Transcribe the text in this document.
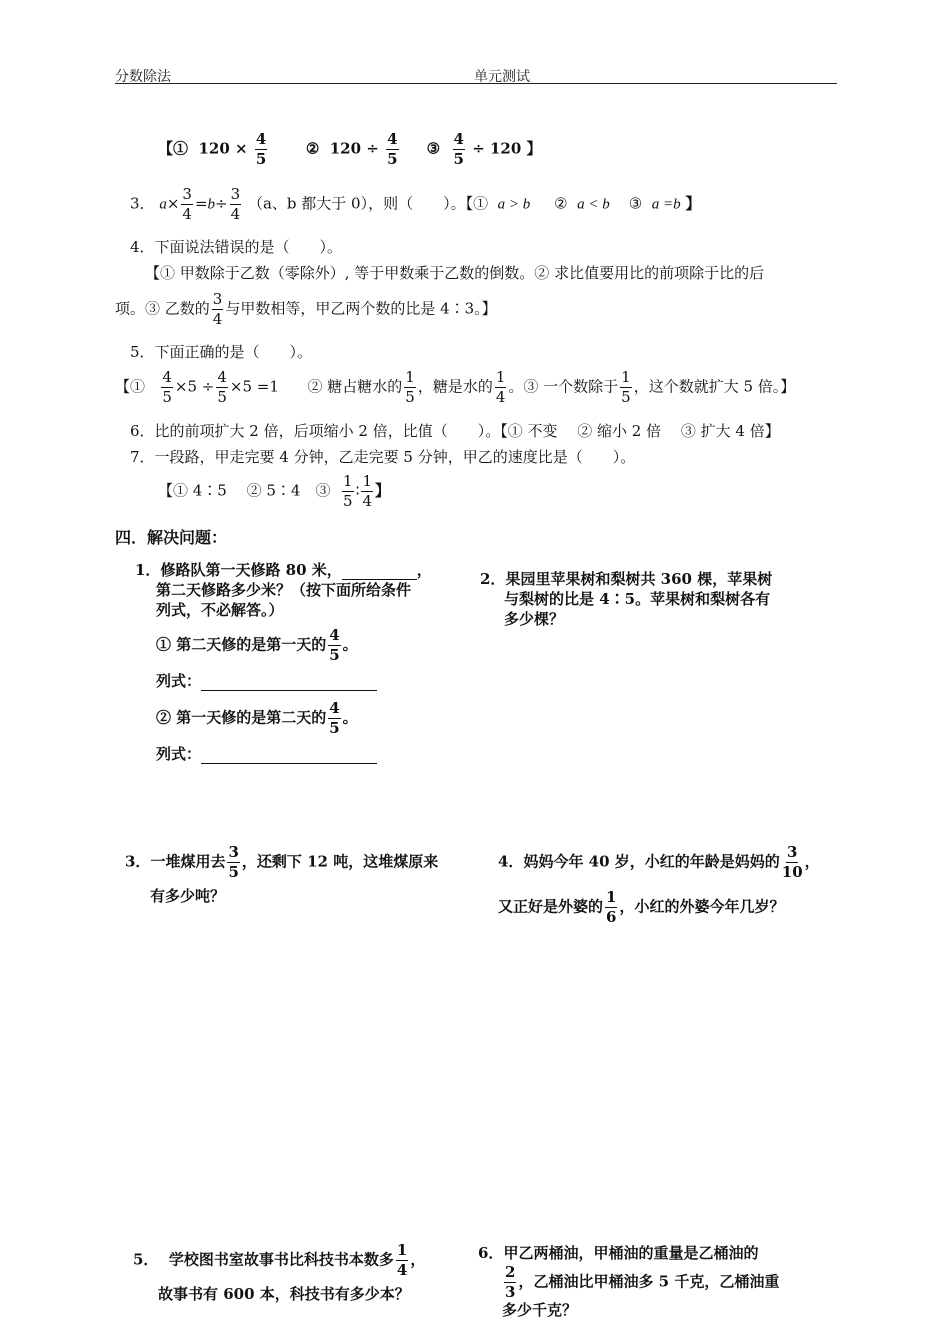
分数除法	单元测试
【① $120 \times \frac{4}{5}$	② $120 \div \frac{4}{5}$ ③ $\frac{4}{5} \div 120$ 】
3． $a\times \frac{3}{4} =b\div \frac{3}{4} (a$、b 都大于 0），则（　　）。【① a > b ② a < b ③ a =b 】
4．下面说法错误的是（　　）。
【① 甲数除于乙数（零除外）, 等于甲数乘于乙数的倒数。② 求比值要用比的前项除于比的后
项。③ 乙数的 $\frac{3}{4}$ 与甲数相等，甲乙两个数的比是 4∶3。】
5．下面正确的是（　　）。
【① $\frac{4}{5} \times 5 \div \frac{4}{5} \times 5 =1$ ② 糖占糖水的 $\frac{1}{5}$ ，糖是水的 $\frac{1}{4}$ 。③ 一个数除于 $\frac{1}{5}$ ，这个数就扩大 5 倍。】
6．比的前项扩大 2 倍，后项缩小 2 倍，比值（　　）。【① 不变　 ② 缩小 2 倍　 ③ 扩大 4 倍】
7．一段路，甲走完要 4 分钟，乙走完要 5 分钟，甲乙的速度比是（　　）。
【① 4∶5　 ② 5∶4　③ $\frac{1}{5}$ ∶ $\frac{1}{4}$ 】
四．解决问题：
1．修路队第一天修路 80 米，	，
第二天修路多少米？（按下面所给条件
列式，不必解答。）
① 第二天修的是第一天的 $\frac{4}{5}$ 。
列式：
② 第一天修的是第二天的 $\frac{4}{5}$ 。
列式：
2．果园里苹果树和梨树共 360 棵，苹果树
与梨树的比是 4∶5。苹果树和梨树各有
多少棵？
3．一堆煤用去 $\frac{3}{5}$ ，还剩下 12 吨，这堆煤原来
有多少吨？
4．妈妈今年 40 岁，小红的年龄是妈妈的 $\frac{3}{10}$ ，
又正好是外婆的 $\frac{1}{6}$ ，小红的外婆今年几岁？
5． 学校图书室故事书比科技书本数多 $\frac{1}{4}$ ，
故事书有 600 本，科技书有多少本？
6．甲乙两桶油，甲桶油的重量是乙桶油的
$\frac{2}{3}$ ，乙桶油比甲桶油多 5 千克，乙桶油重
多少千克？
